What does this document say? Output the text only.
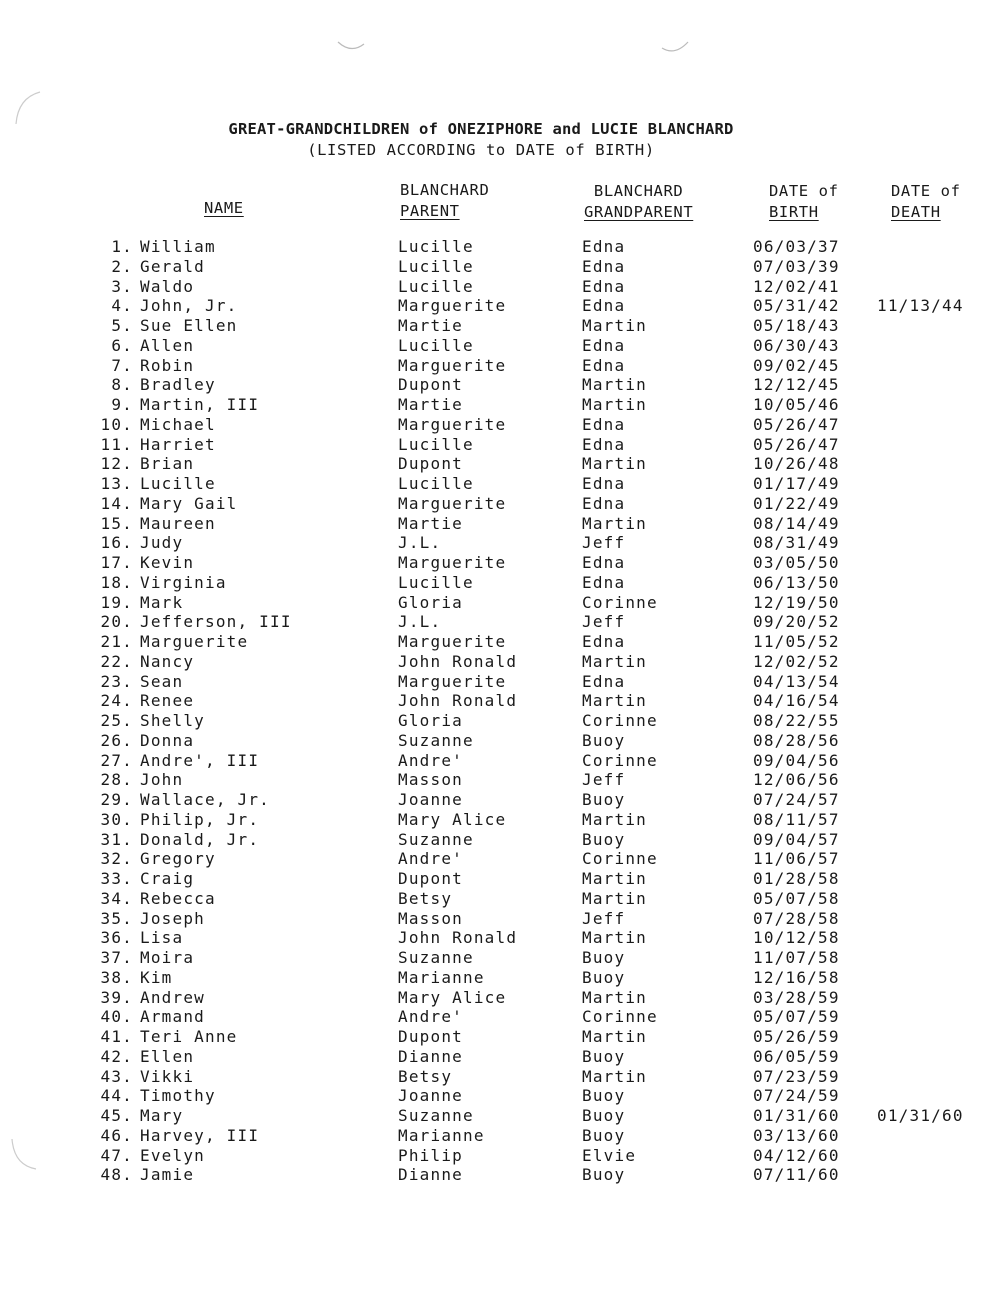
GREAT-GRANDCHILDREN of ONEZIPHORE and LUCIE BLANCHARD
(LISTED ACCORDING to DATE of BIRTH)
NAME
BLANCHARD
PARENT
BLANCHARD
GRANDPARENT
DATE of
BIRTH
DATE of
DEATH
1. William	Lucille	Edna	06/03/37
2. Gerald	Lucille	Edna	07/03/39
3. Waldo	Lucille	Edna	12/02/41
4. John, Jr.	Marguerite	Edna	05/31/42 11/13/44
5. Sue Ellen	Martie	Martin	05/18/43
6. Allen	Lucille	Edna	06/30/43
7. Robin	Marguerite	Edna	09/02/45
8. Bradley	Dupont	Martin	12/12/45
9. Martin, III	Martie	Martin	10/05/46
10. Michael	Marguerite	Edna	05/26/47
11. Harriet	Lucille	Edna	05/26/47
12. Brian	Dupont	Martin	10/26/48
13. Lucille	Lucille	Edna	01/17/49
14. Mary Gail	Marguerite	Edna	01/22/49
15. Maureen	Martie	Martin	08/14/49
16. Judy	J.L.	Jeff	08/31/49
17. Kevin	Marguerite	Edna	03/05/50
18. Virginia	Lucille	Edna	06/13/50
19. Mark	Gloria	Corinne	12/19/50
20. Jefferson, III	J.L.	Jeff	09/20/52
21. Marguerite	Marguerite	Edna	11/05/52
22. Nancy	John Ronald	Martin	12/02/52
23. Sean	Marguerite	Edna	04/13/54
24. Renee	John Ronald	Martin	04/16/54
25. Shelly	Gloria	Corinne	08/22/55
26. Donna	Suzanne	Buoy	08/28/56
27. Andre', III	Andre'	Corinne	09/04/56
28. John	Masson	Jeff	12/06/56
29. Wallace, Jr.	Joanne	Buoy	07/24/57
30. Philip, Jr.	Mary Alice	Martin	08/11/57
31. Donald, Jr.	Suzanne	Buoy	09/04/57
32. Gregory	Andre'	Corinne	11/06/57
33. Craig	Dupont	Martin	01/28/58
34. Rebecca	Betsy	Martin	05/07/58
35. Joseph	Masson	Jeff	07/28/58
36. Lisa	John Ronald	Martin	10/12/58
37. Moira	Suzanne	Buoy	11/07/58
38. Kim	Marianne	Buoy	12/16/58
39. Andrew	Mary Alice	Martin	03/28/59
40. Armand	Andre'	Corinne	05/07/59
41. Teri Anne	Dupont	Martin	05/26/59
42. Ellen	Dianne	Buoy	06/05/59
43. Vikki	Betsy	Martin	07/23/59
44. Timothy	Joanne	Buoy	07/24/59
45. Mary	Suzanne	Buoy	01/31/60 01/31/60
46. Harvey, III	Marianne	Buoy	03/13/60
47. Evelyn	Philip	Elvie	04/12/60
48. Jamie	Dianne	Buoy	07/11/60
